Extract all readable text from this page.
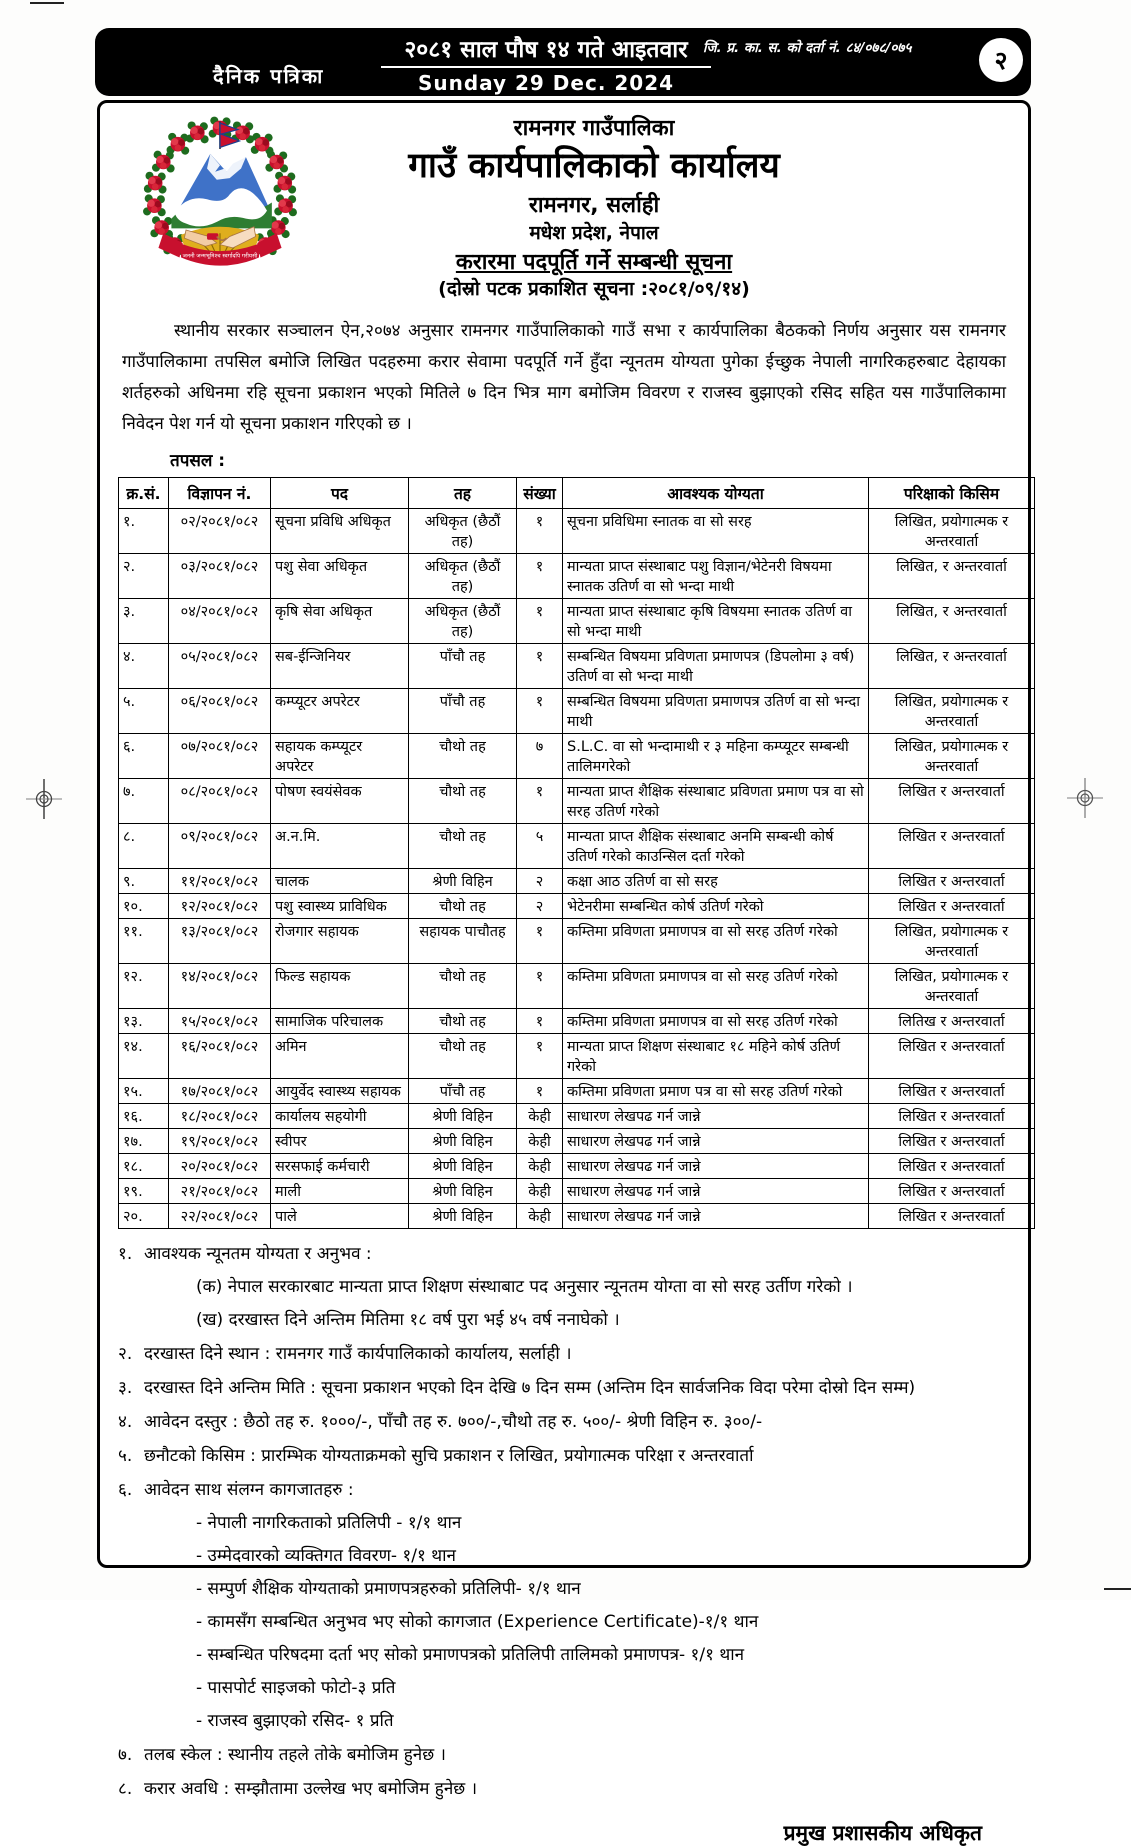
दैनिक पत्रिका
२०८१ साल पौष १४ गते आइतवार
Sunday 29 Dec. 2024
जि. प्र. का. स. को दर्ता नं. ८४/०७८/०७५	२
जननी जन्मभूमिश्च स्वर्गादपि गरीयसी
रामनगर गाउँपालिका
गाउँ कार्यपालिकाको कार्यालय
रामनगर, सर्लाही
मधेश प्रदेश, नेपाल
करारमा पदपूर्ति गर्ने सम्बन्धी सूचना
(दोस्रो पटक प्रकाशित सूचना :२०८१/०९/१४)
स्थानीय सरकार सञ्चालन ऐन,२०७४ अनुसार रामनगर गाउँपालिकाको गाउँ सभा र कार्यपालिका बैठकको निर्णय अनुसार यस रामनगर गाउँपालिकामा तपसिल बमोजि लिखित पदहरुमा करार सेवामा पदपूर्ति गर्ने हुँदा न्यूनतम योग्यता पुगेका ईच्छुक नेपाली नागरिकहरुबाट देहायका शर्तहरुको अधिनमा रहि सूचना प्रकाशन भएको मितिले ७ दिन भित्र माग बमोजिम विवरण र राजस्व बुझाएको रसिद सहित यस गाउँपालिकामा निवेदन पेश गर्न यो सूचना प्रकाशन गरिएको छ ।
तपसल :
क्र.सं.	विज्ञापन नं.	पद	तह	संख्या	आवश्यक योग्यता	परिक्षाको किसिम
१.	०२/२०८१/०८२	सूचना प्रविधि अधिकृत	अधिकृत (छैठौं तह)	१	सूचना प्रविधिमा स्नातक वा सो सरह	लिखित, प्रयोगात्मक र अन्तरवार्ता
२.	०३/२०८१/०८२	पशु सेवा अधिकृत	अधिकृत (छैठौं तह)	१	मान्यता प्राप्त संस्थाबाट पशु विज्ञान/भेटेनरी विषयमा स्नातक उतिर्ण वा सो भन्दा माथी	लिखित, र अन्तरवार्ता
३.	०४/२०८१/०८२	कृषि सेवा अधिकृत	अधिकृत (छैठौं तह)	१	मान्यता प्राप्त संस्थाबाट कृषि विषयमा स्नातक उतिर्ण वा सो भन्दा माथी	लिखित, र अन्तरवार्ता
४.	०५/२०८१/०८२	सब-ईन्जिनियर	पाँचौ तह	१	सम्बन्धित विषयमा प्रविणता प्रमाणपत्र (डिपलोमा ३ वर्ष) उतिर्ण वा सो भन्दा माथी	लिखित, र अन्तरवार्ता
५.	०६/२०८१/०८२	कम्प्यूटर अपरेटर	पाँचौ तह	१	सम्बन्धित विषयमा प्रविणता प्रमाणपत्र उतिर्ण वा सो भन्दा माथी	लिखित, प्रयोगात्मक र अन्तरवार्ता
६.	०७/२०८१/०८२	सहायक कम्प्यूटर अपरेटर	चौथो तह	७	S.L.C. वा सो भन्दामाथी र ३ महिना कम्प्यूटर सम्बन्धी तालिमगरेको	लिखित, प्रयोगात्मक र अन्तरवार्ता
७.	०८/२०८१/०८२	पोषण स्वयंसेवक	चौथो तह	१	मान्यता प्राप्त शैक्षिक संस्थाबाट प्रविणता प्रमाण पत्र वा सो सरह उतिर्ण गरेको	लिखित र अन्तरवार्ता
८.	०९/२०८१/०८२	अ.न.मि.	चौथो तह	५	मान्यता प्राप्त शैक्षिक संस्थाबाट अनमि सम्बन्धी कोर्ष उतिर्ण गरेको काउन्सिल दर्ता गरेको	लिखित र अन्तरवार्ता
९.	११/२०८१/०८२	चालक	श्रेणी विहिन	२	कक्षा आठ उतिर्ण वा सो सरह	लिखित र अन्तरवार्ता
१०.	१२/२०८१/०८२	पशु स्वास्थ्य प्राविधिक	चौथो तह	२	भेटेनरीमा सम्बन्धित कोर्ष उतिर्ण गरेको	लिखित र अन्तरवार्ता
११.	१३/२०८१/०८२	रोजगार सहायक	सहायक पाचौतह	१	कम्तिमा प्रविणता प्रमाणपत्र वा सो सरह उतिर्ण गरेको	लिखित, प्रयोगात्मक र अन्तरवार्ता
१२.	१४/२०८१/०८२	फिल्ड सहायक	चौथो तह	१	कम्तिमा प्रविणता प्रमाणपत्र वा सो सरह उतिर्ण गरेको	लिखित, प्रयोगात्मक र अन्तरवार्ता
१३.	१५/२०८१/०८२	सामाजिक परिचालक	चौथो तह	१	कम्तिमा प्रविणता प्रमाणपत्र वा सो सरह उतिर्ण गरेको	लितिख र अन्तरवार्ता
१४.	१६/२०८१/०८२	अमिन	चौथो तह	१	मान्यता प्राप्त शिक्षण संस्थाबाट १८ महिने कोर्ष उतिर्ण गरेको	लिखित र अन्तरवार्ता
१५.	१७/२०८१/०८२	आयुर्वेद स्वास्थ्य सहायक	पाँचौ तह	१	कम्तिमा प्रविणता प्रमाण पत्र वा सो सरह उतिर्ण गरेको	लिखित र अन्तरवार्ता
१६.	१८/२०८१/०८२	कार्यालय सहयोगी	श्रेणी विहिन	केही	साधारण लेखपढ गर्न जान्ने	लिखित र अन्तरवार्ता
१७.	१९/२०८१/०८२	स्वीपर	श्रेणी विहिन	केही	साधारण लेखपढ गर्न जान्ने	लिखित र अन्तरवार्ता
१८.	२०/२०८१/०८२	सरसफाई कर्मचारी	श्रेणी विहिन	केही	साधारण लेखपढ गर्न जान्ने	लिखित र अन्तरवार्ता
१९.	२१/२०८१/०८२	माली	श्रेणी विहिन	केही	साधारण लेखपढ गर्न जान्ने	लिखित र अन्तरवार्ता
२०.	२२/२०८१/०८२	पाले	श्रेणी विहिन	केही	साधारण लेखपढ गर्न जान्ने	लिखित र अन्तरवार्ता
१. आवश्यक न्यूनतम योग्यता र अनुभव :
(क) नेपाल सरकारबाट मान्यता प्राप्त शिक्षण संस्थाबाट पद अनुसार न्यूनतम योग्ता वा सो सरह उर्तीण गरेको ।
(ख) दरखास्त दिने अन्तिम मितिमा १८ वर्ष पुरा भई ४५ वर्ष ननाघेको ।
२. दरखास्त दिने स्थान : रामनगर गाउँ कार्यपालिकाको कार्यालय, सर्लाही ।
३. दरखास्त दिने अन्तिम मिति : सूचना प्रकाशन भएको दिन देखि ७ दिन सम्म (अन्तिम दिन सार्वजनिक विदा परेमा दोस्रो दिन सम्म)
४. आवेदन दस्तुर : छैठो तह रु. १०००/-, पाँचौ तह रु. ७००/-,चौथो तह रु. ५००/- श्रेणी विहिन रु. ३००/-
५. छनौटको किसिम : प्रारम्भिक योग्यताक्रमको सुचि प्रकाशन र लिखित, प्रयोगात्मक परिक्षा र अन्तरवार्ता
६. आवेदन साथ संलग्न कागजातहरु :
- नेपाली नागरिकताको प्रतिलिपी - १/१ थान
- उम्मेदवारको व्यक्तिगत विवरण- १/१ थान
- सम्पुर्ण शैक्षिक योग्यताको प्रमाणपत्रहरुको प्रतिलिपी- १/१ थान
- कामसँग सम्बन्धित अनुभव भए सोको कागजात (Experience Certificate)-१/१ थान
- सम्बन्धित परिषदमा दर्ता भए सोको प्रमाणपत्रको प्रतिलिपी तालिमको प्रमाणपत्र- १/१ थान
- पासपोर्ट साइजको फोटो-३ प्रति
- राजस्व बुझाएको रसिद- १ प्रति
७. तलब स्केल : स्थानीय तहले तोके बमोजिम हुनेछ ।
८. करार अवधि : सम्झौतामा उल्लेख भए बमोजिम हुनेछ ।
प्रमुख प्रशासकीय अधिकृत
